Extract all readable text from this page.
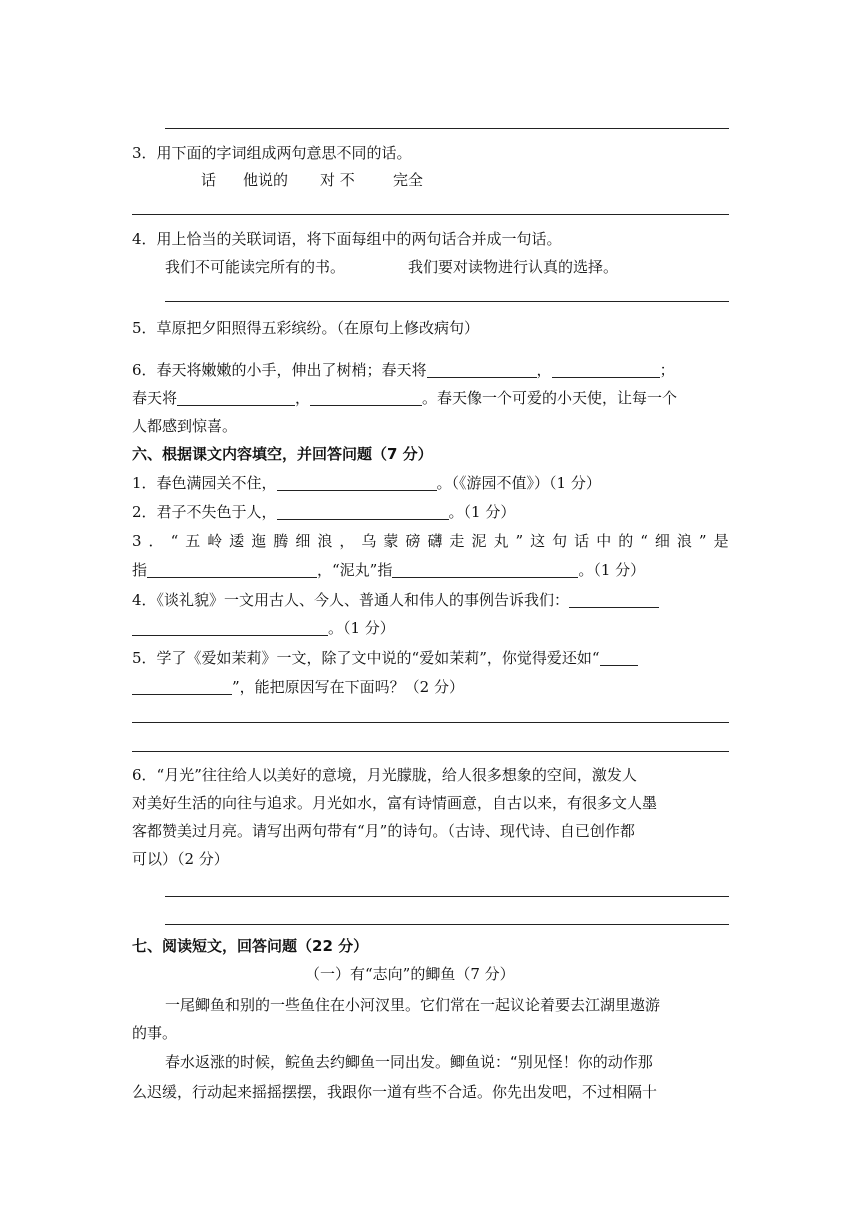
3．用下面的字词组成两句意思不同的话。
话 他说的 对 不	完全
4．用上恰当的关联词语，将下面每组中的两句话合并成一句话。
我们不可能读完所有的书。	我们要对读物进行认真的选择。
5．草原把夕阳照得五彩缤纷。（在原句上修改病句）
6．春天将嫩嫩的小手，伸出了树梢；春天将	，	；
春天将	，	。春天像一个可爱的小天使，让每一个
人都感到惊喜。
六、根据课文内容填空，并回答问题（7 分）
1．春色满园关不住，	。（《游园不值》）（1 分）
2．君子不失色于人，	。（1 分）
3 ． “ 五 岭 逶 迤 腾 细 浪 ， 乌 蒙 磅 礴 走 泥 丸 ” 这 句 话 中 的 “ 细 浪 ” 是
指	，“泥丸”指	。（1 分）
4．《谈礼貌》一文用古人、今人、普通人和伟人的事例告诉我们：
。（1 分）
5．学了《爱如茉莉》一文，除了文中说的“爱如茉莉”，你觉得爱还如“
”，能把原因写在下面吗？（2 分）
6．“月光”往往给人以美好的意境，月光朦胧，给人很多想象的空间，激发人
对美好生活的向往与追求。月光如水，富有诗情画意，自古以来，有很多文人墨
客都赞美过月亮。请写出两句带有“月”的诗句。（古诗、现代诗、自已创作都
可以）（2 分）
七、阅读短文，回答问题（22 分）
（一）有“志向”的鲫鱼（7 分）
一尾鲫鱼和别的一些鱼住在小河汊里。它们常在一起议论着要去江湖里遨游
的事。
春水返涨的时候，鲩鱼去约鲫鱼一同出发。鲫鱼说：“别见怪！你的动作那
么迟缓，行动起来摇摇摆摆，我跟你一道有些不合适。你先出发吧，不过相隔十
